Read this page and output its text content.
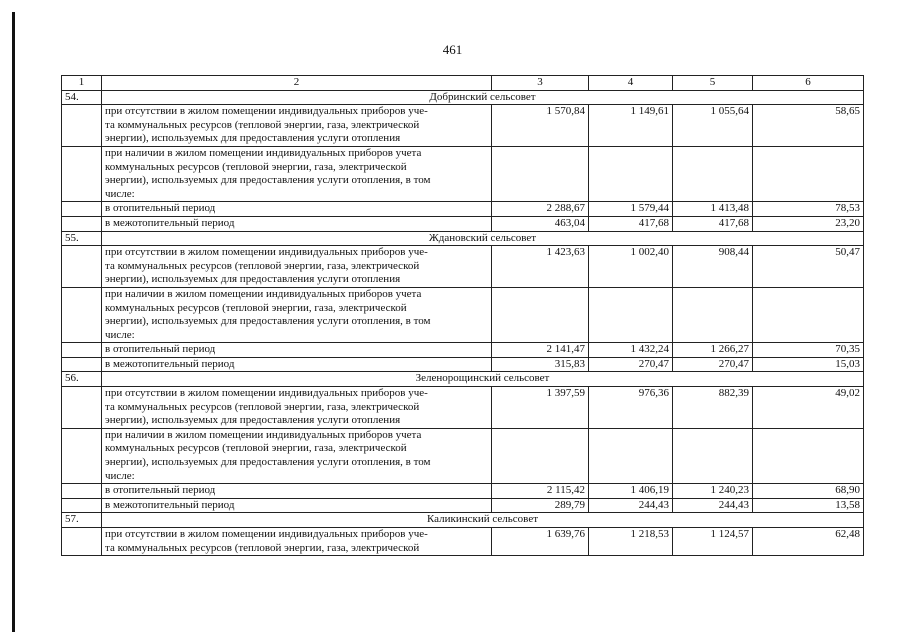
461
1	2	3	4	5	6
54.	Добринский сельсовет				

	при отсутствии в жилом помещении индивидуальных приборов уче-
та коммунальных ресурсов (тепловой энергии, газа, электрической
энергии), используемых для предоставления услуги отопления	1 570,84	1 149,61	1 055,64	58,65

	при наличии в жилом помещении индивидуальных приборов учета
коммунальных ресурсов (тепловой энергии, газа, электрической
энергии), используемых для предоставления услуги отопления, в том
числе:				

	в отопительный период	2 288,67	1 579,44	1 413,48	78,53

	в межотопительный период	463,04	417,68	417,68	23,20
55.	Ждановский сельсовет				

	при отсутствии в жилом помещении индивидуальных приборов уче-
та коммунальных ресурсов (тепловой энергии, газа, электрической
энергии), используемых для предоставления услуги отопления	1 423,63	1 002,40	908,44	50,47

	при наличии в жилом помещении индивидуальных приборов учета
коммунальных ресурсов (тепловой энергии, газа, электрической
энергии), используемых для предоставления услуги отопления, в том
числе:				

	в отопительный период	2 141,47	1 432,24	1 266,27	70,35

	в межотопительный период	315,83	270,47	270,47	15,03
56.	Зеленорощинский сельсовет				

	при отсутствии в жилом помещении индивидуальных приборов уче-
та коммунальных ресурсов (тепловой энергии, газа, электрической
энергии), используемых для предоставления услуги отопления	1 397,59	976,36	882,39	49,02

	при наличии в жилом помещении индивидуальных приборов учета
коммунальных ресурсов (тепловой энергии, газа, электрической
энергии), используемых для предоставления услуги отопления, в том
числе:				

	в отопительный период	2 115,42	1 406,19	1 240,23	68,90

	в межотопительный период	289,79	244,43	244,43	13,58
57.	Каликинский сельсовет				

	при отсутствии в жилом помещении индивидуальных приборов уче-
та коммунальных ресурсов (тепловой энергии, газа, электрической	1 639,76	1 218,53	1 124,57	62,48
